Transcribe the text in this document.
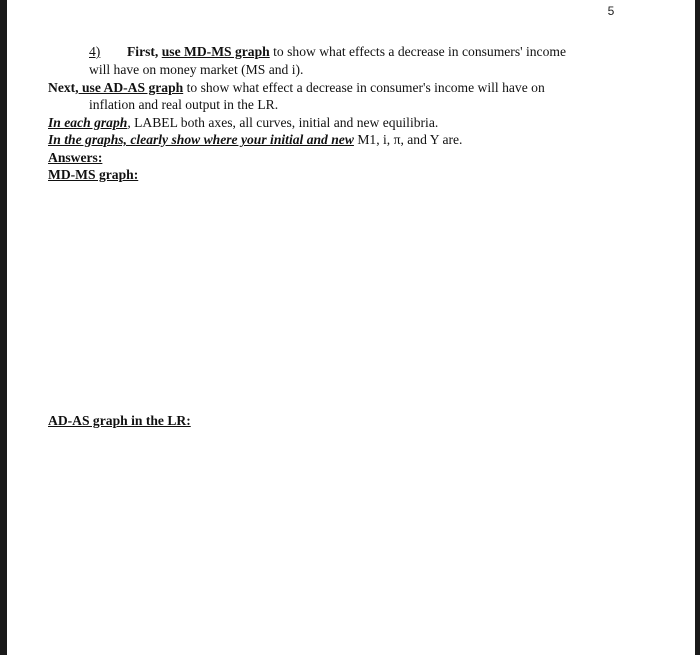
5
4) First, use MD-MS graph to show what effects a decrease in consumers' income
will have on money market (MS and i).
Next, use AD-AS graph to show what effect a decrease in consumer's income will have on
inflation and real output in the LR.
In each graph, LABEL both axes, all curves, initial and new equilibria.
In the graphs, clearly show where your initial and new M1, i, π, and Y are.
Answers:
MD-MS graph:
AD-AS graph in the LR:
